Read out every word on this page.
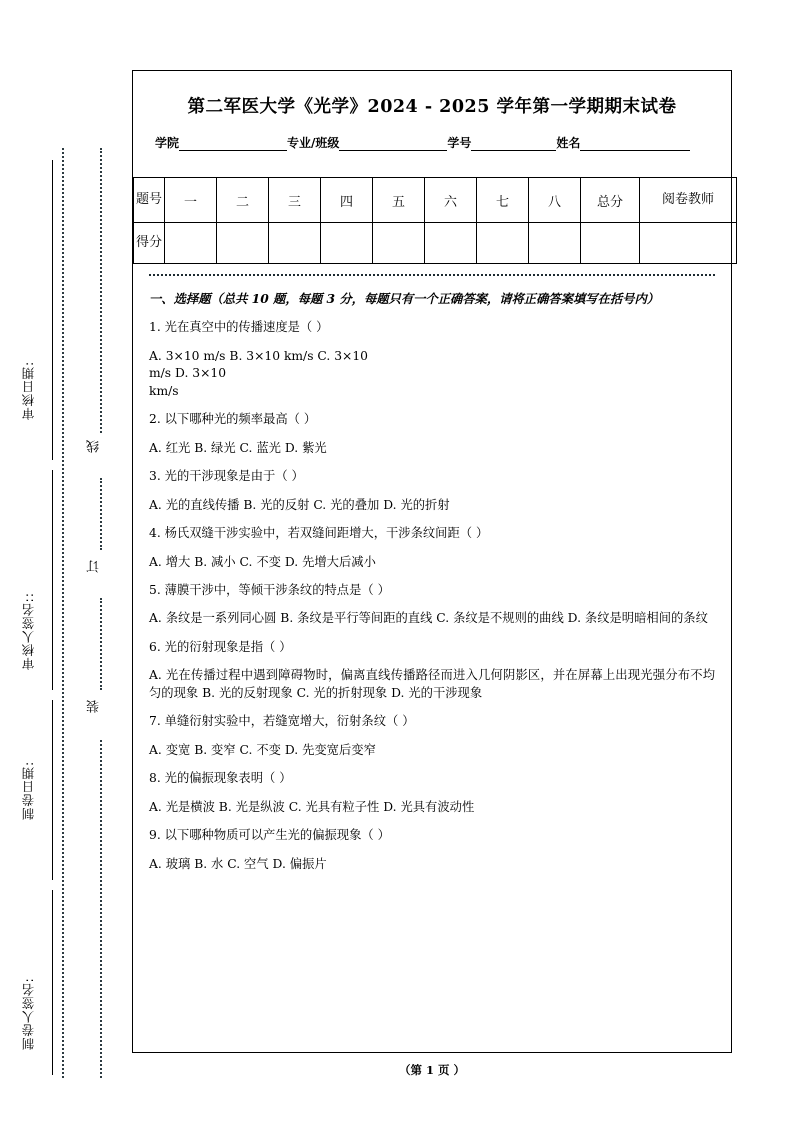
线
订
装
审核日期:
审核人签名::
制卷日期:
制卷人签名:
第二军医大学《光学》2024 - 2025 学年第一学期期末试卷
学院	专业/班级	学号	姓名
题号	一	二	三	四	五	六	七	八	总分	阅卷教师

得分										

一、选择题（总共 10 题，每题 3 分，每题只有一个正确答案，请将正确答案填写在括号内）
1. 光在真空中的传播速度是（ ）
A. 3×10 m/s B. 3×10 km/s C. 3×10
m/s D. 3×10
km/s
2. 以下哪种光的频率最高（ ）
A. 红光 B. 绿光 C. 蓝光 D. 紫光
3. 光的干涉现象是由于（ ）
A. 光的直线传播 B. 光的反射 C. 光的叠加 D. 光的折射
4. 杨氏双缝干涉实验中，若双缝间距增大，干涉条纹间距（ ）
A. 增大 B. 减小 C. 不变 D. 先增大后减小
5. 薄膜干涉中，等倾干涉条纹的特点是（ ）
A. 条纹是一系列同心圆 B. 条纹是平行等间距的直线 C. 条纹是不规则的曲线 D. 条纹是明暗相间的条纹
6. 光的衍射现象是指（ ）
A. 光在传播过程中遇到障碍物时，偏离直线传播路径而进入几何阴影区，并在屏幕上出现光强分布不均匀的现象 B. 光的反射现象 C. 光的折射现象 D. 光的干涉现象
7. 单缝衍射实验中，若缝宽增大，衍射条纹（ ）
A. 变宽 B. 变窄 C. 不变 D. 先变宽后变窄
8. 光的偏振现象表明（ ）
A. 光是横波 B. 光是纵波 C. 光具有粒子性 D. 光具有波动性
9. 以下哪种物质可以产生光的偏振现象（ ）
A. 玻璃 B. 水 C. 空气 D. 偏振片
（第 1 页 ）
